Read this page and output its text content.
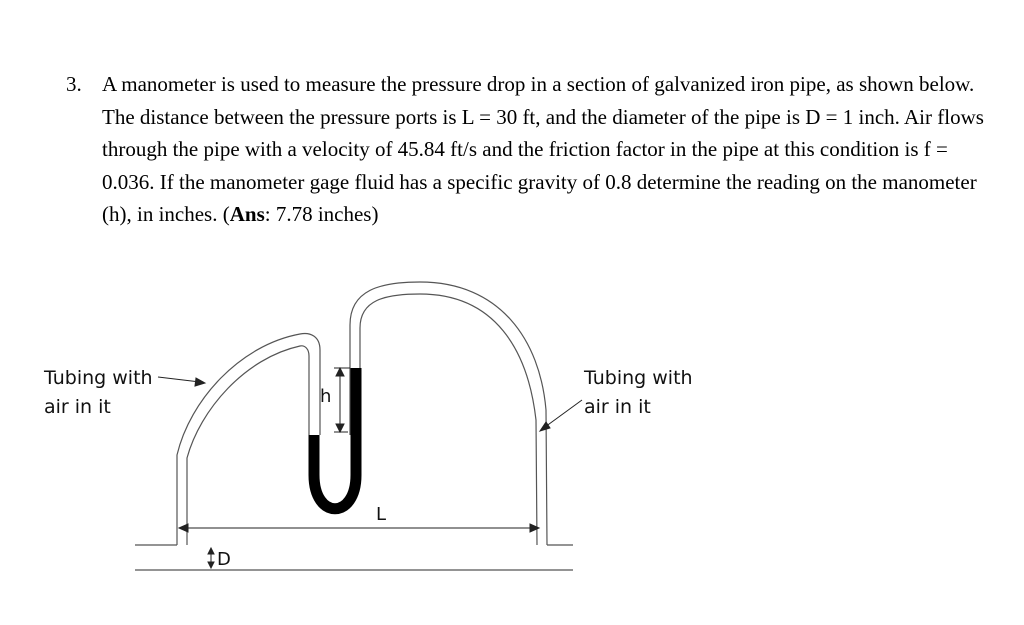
3. A manometer is used to measure the pressure drop in a section of galvanized iron pipe, as shown below. The distance between the pressure ports is L = 30 ft, and the diameter of the pipe is D = 1 inch. Air flows through the pipe with a velocity of 45.84 ft/s and the friction factor in the pipe at this condition is f = 0.036. If the manometer gage fluid has a specific gravity of 0.8 determine the reading on the manometer (h), in inches. (Ans: 7.78 inches)
h
L
D
Tubing with
air in it
Tubing with
air in it
